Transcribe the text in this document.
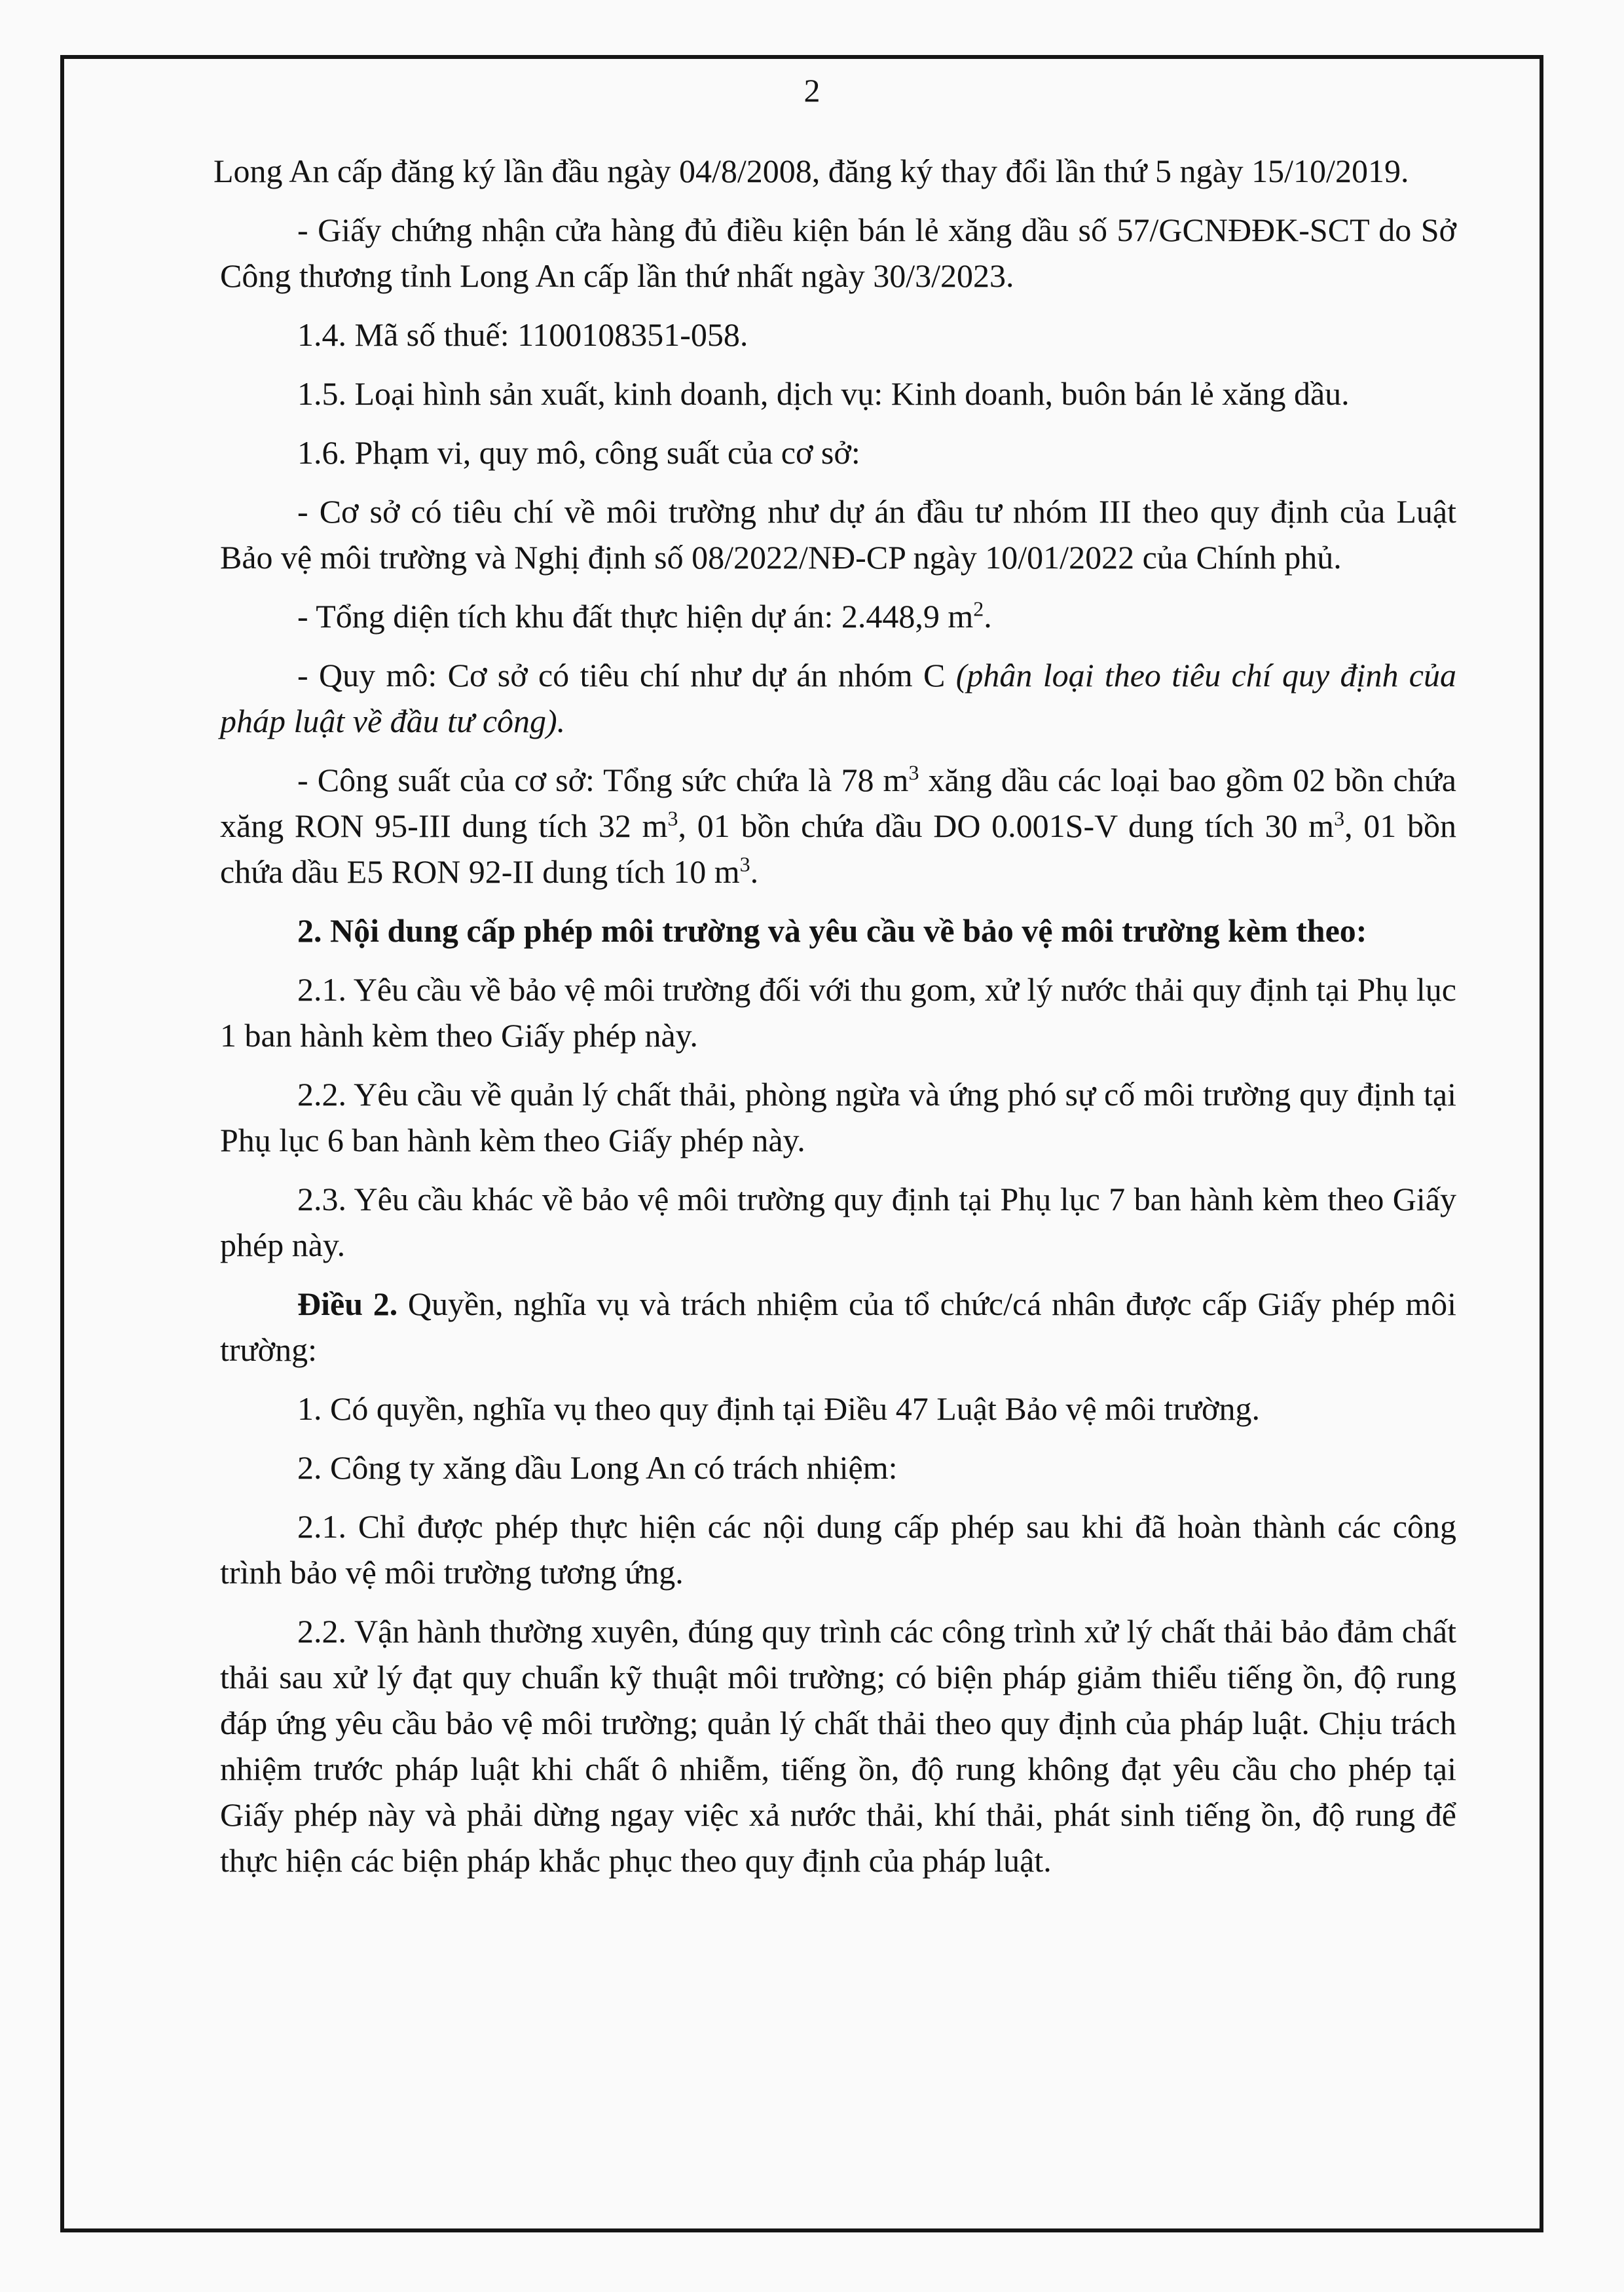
2

Long An cấp đăng ký lần đầu ngày 04/8/2008, đăng ký thay đổi lần thứ 5 ngày 15/10/2019.

- Giấy chứng nhận cửa hàng đủ điều kiện bán lẻ xăng dầu số 57/GCNĐĐK-SCT do Sở Công thương tỉnh Long An cấp lần thứ nhất ngày 30/3/2023.

1.4. Mã số thuế: 1100108351-058.

1.5. Loại hình sản xuất, kinh doanh, dịch vụ: Kinh doanh, buôn bán lẻ xăng dầu.

1.6. Phạm vi, quy mô, công suất của cơ sở:

- Cơ sở có tiêu chí về môi trường như dự án đầu tư nhóm III theo quy định của Luật Bảo vệ môi trường và Nghị định số 08/2022/NĐ-CP ngày 10/01/2022 của Chính phủ.

- Tổng diện tích khu đất thực hiện dự án: 2.448,9 $m^2$.

- Quy mô: Cơ sở có tiêu chí như dự án nhóm C (phân loại theo tiêu chí quy định của pháp luật về đầu tư công).

- Công suất của cơ sở: Tổng sức chứa là 78 $m^3$ xăng dầu các loại bao gồm 02 bồn chứa xăng RON 95-III dung tích 32 $m^3$, 01 bồn chứa dầu DO 0.001S-V dung tích 30 $m^3$, 01 bồn chứa dầu E5 RON 92-II dung tích 10 $m^3$.

2. Nội dung cấp phép môi trường và yêu cầu về bảo vệ môi trường kèm theo:

2.1. Yêu cầu về bảo vệ môi trường đối với thu gom, xử lý nước thải quy định tại Phụ lục 1 ban hành kèm theo Giấy phép này.

2.2. Yêu cầu về quản lý chất thải, phòng ngừa và ứng phó sự cố môi trường quy định tại Phụ lục 6 ban hành kèm theo Giấy phép này.

2.3. Yêu cầu khác về bảo vệ môi trường quy định tại Phụ lục 7 ban hành kèm theo Giấy phép này.

Điều 2. Quyền, nghĩa vụ và trách nhiệm của tổ chức/cá nhân được cấp Giấy phép môi trường:

1. Có quyền, nghĩa vụ theo quy định tại Điều 47 Luật Bảo vệ môi trường.

2. Công ty xăng dầu Long An có trách nhiệm:

2.1. Chỉ được phép thực hiện các nội dung cấp phép sau khi đã hoàn thành các công trình bảo vệ môi trường tương ứng.

2.2. Vận hành thường xuyên, đúng quy trình các công trình xử lý chất thải bảo đảm chất thải sau xử lý đạt quy chuẩn kỹ thuật môi trường; có biện pháp giảm thiểu tiếng ồn, độ rung đáp ứng yêu cầu bảo vệ môi trường; quản lý chất thải theo quy định của pháp luật. Chịu trách nhiệm trước pháp luật khi chất ô nhiễm, tiếng ồn, độ rung không đạt yêu cầu cho phép tại Giấy phép này và phải dừng ngay việc xả nước thải, khí thải, phát sinh tiếng ồn, độ rung để thực hiện các biện pháp khắc phục theo quy định của pháp luật.
